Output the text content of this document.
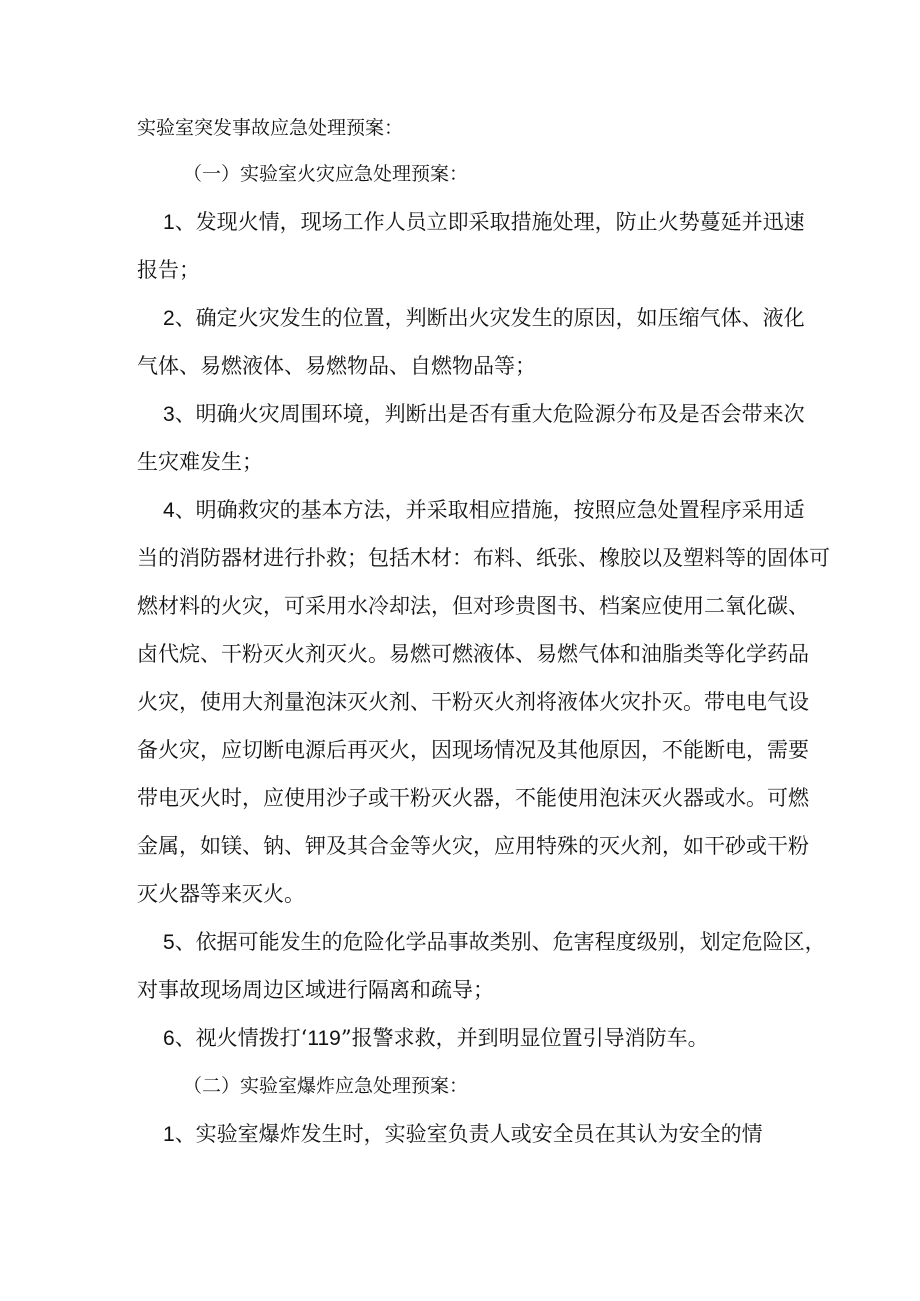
实验室突发事故应急处理预案：
（一）实验室火灾应急处理预案：
1、发现火情，现场工作人员立即采取措施处理，防止火势蔓延并迅速
报告；
2、确定火灾发生的位置，判断出火灾发生的原因，如压缩气体、液化
气体、易燃液体、易燃物品、自燃物品等；
3、明确火灾周围环境，判断出是否有重大危险源分布及是否会带来次
生灾难发生；
4、明确救灾的基本方法，并采取相应措施，按照应急处置程序采用适
当的消防器材进行扑救；包括木材：布料、纸张、橡胶以及塑料等的固体可
燃材料的火灾，可采用水冷却法，但对珍贵图书、档案应使用二氧化碳、
卤代烷、干粉灭火剂灭火。易燃可燃液体、易燃气体和油脂类等化学药品
火灾，使用大剂量泡沫灭火剂、干粉灭火剂将液体火灾扑灭。带电电气设
备火灾，应切断电源后再灭火，因现场情况及其他原因，不能断电，需要
带电灭火时，应使用沙子或干粉灭火器，不能使用泡沫灭火器或水。可燃
金属，如镁、钠、钾及其合金等火灾，应用特殊的灭火剂，如干砂或干粉
灭火器等来灭火。
5、依据可能发生的危险化学品事故类别、危害程度级别，划定危险区，
对事故现场周边区域进行隔离和疏导；
6、视火情拨打‘119”报警求救，并到明显位置引导消防车。
（二）实验室爆炸应急处理预案：
1、实验室爆炸发生时，实验室负责人或安全员在其认为安全的情
